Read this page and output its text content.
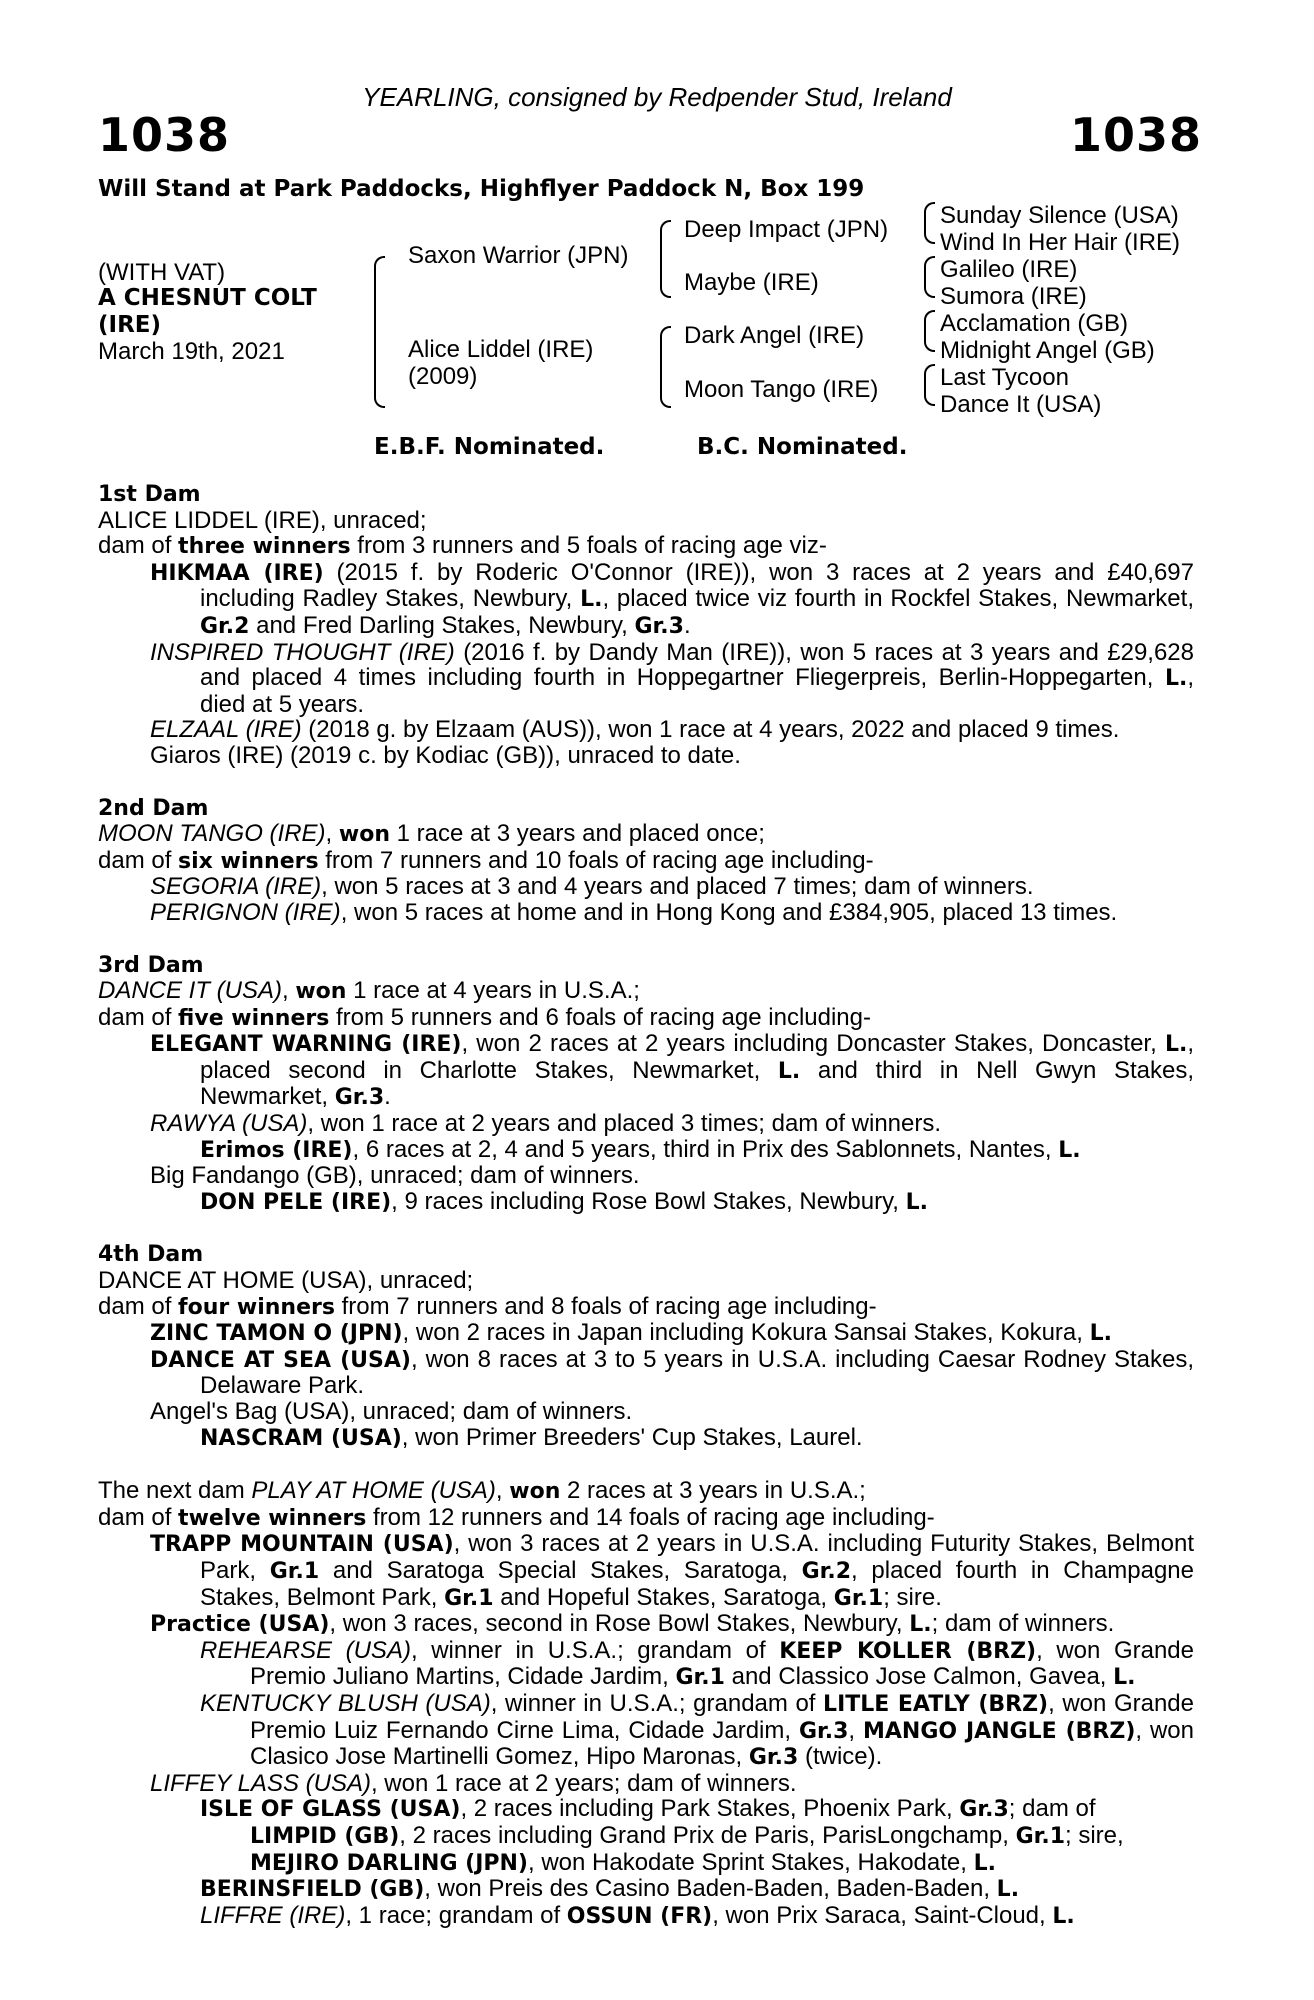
YEARLING, consigned by Redpender Stud, Ireland
1038	1038
Will Stand at Park Paddocks, Highflyer Paddock N, Box 199
(WITH VAT)
A CHESNUT COLT
(IRE)
March 19th, 2021
Saxon Warrior (JPN)
Alice Liddel (IRE)
(2009)
Deep Impact (JPN)
Maybe (IRE)
Dark Angel (IRE)
Moon Tango (IRE)
Sunday Silence (USA)
Wind In Her Hair (IRE)
Galileo (IRE)
Sumora (IRE)
Acclamation (GB)
Midnight Angel (GB)
Last Tycoon
Dance It (USA)
E.B.F. Nominated.	B.C. Nominated.
1st Dam
ALICE LIDDEL (IRE), unraced;
dam of three winners from 3 runners and 5 foals of racing age viz-
HIKMAA (IRE) (2015 f. by Roderic O'Connor (IRE)), won 3 races at 2 years and £40,697 including Radley Stakes, Newbury, L., placed twice viz fourth in Rockfel Stakes, Newmarket, Gr.2 and Fred Darling Stakes, Newbury, Gr.3.
INSPIRED THOUGHT (IRE) (2016 f. by Dandy Man (IRE)), won 5 races at 3 years and £29,628 and placed 4 times including fourth in Hoppegartner Fliegerpreis, Berlin-Hoppegarten, L., died at 5 years.
ELZAAL (IRE) (2018 g. by Elzaam (AUS)), won 1 race at 4 years, 2022 and placed 9 times.
Giaros (IRE) (2019 c. by Kodiac (GB)), unraced to date.
2nd Dam
MOON TANGO (IRE), won 1 race at 3 years and placed once;
dam of six winners from 7 runners and 10 foals of racing age including-
SEGORIA (IRE), won 5 races at 3 and 4 years and placed 7 times; dam of winners.
PERIGNON (IRE), won 5 races at home and in Hong Kong and £384,905, placed 13 times.
3rd Dam
DANCE IT (USA), won 1 race at 4 years in U.S.A.;
dam of five winners from 5 runners and 6 foals of racing age including-
ELEGANT WARNING (IRE), won 2 races at 2 years including Doncaster Stakes, Doncaster, L., placed second in Charlotte Stakes, Newmarket, L. and third in Nell Gwyn Stakes, Newmarket, Gr.3.
RAWYA (USA), won 1 race at 2 years and placed 3 times; dam of winners.
Erimos (IRE), 6 races at 2, 4 and 5 years, third in Prix des Sablonnets, Nantes, L.
Big Fandango (GB), unraced; dam of winners.
DON PELE (IRE), 9 races including Rose Bowl Stakes, Newbury, L.
4th Dam
DANCE AT HOME (USA), unraced;
dam of four winners from 7 runners and 8 foals of racing age including-
ZINC TAMON O (JPN), won 2 races in Japan including Kokura Sansai Stakes, Kokura, L.
DANCE AT SEA (USA), won 8 races at 3 to 5 years in U.S.A. including Caesar Rodney Stakes, Delaware Park.
Angel's Bag (USA), unraced; dam of winners.
NASCRAM (USA), won Primer Breeders' Cup Stakes, Laurel.
The next dam PLAY AT HOME (USA), won 2 races at 3 years in U.S.A.;
dam of twelve winners from 12 runners and 14 foals of racing age including-
TRAPP MOUNTAIN (USA), won 3 races at 2 years in U.S.A. including Futurity Stakes, Belmont Park, Gr.1 and Saratoga Special Stakes, Saratoga, Gr.2, placed fourth in Champagne Stakes, Belmont Park, Gr.1 and Hopeful Stakes, Saratoga, Gr.1; sire.
Practice (USA), won 3 races, second in Rose Bowl Stakes, Newbury, L.; dam of winners.
REHEARSE (USA), winner in U.S.A.; grandam of KEEP KOLLER (BRZ), won Grande Premio Juliano Martins, Cidade Jardim, Gr.1 and Classico Jose Calmon, Gavea, L.
KENTUCKY BLUSH (USA), winner in U.S.A.; grandam of LITLE EATLY (BRZ), won Grande Premio Luiz Fernando Cirne Lima, Cidade Jardim, Gr.3, MANGO JANGLE (BRZ), won Clasico Jose Martinelli Gomez, Hipo Maronas, Gr.3 (twice).
LIFFEY LASS (USA), won 1 race at 2 years; dam of winners.
ISLE OF GLASS (USA), 2 races including Park Stakes, Phoenix Park, Gr.3; dam of
LIMPID (GB), 2 races including Grand Prix de Paris, ParisLongchamp, Gr.1; sire,
MEJIRO DARLING (JPN), won Hakodate Sprint Stakes, Hakodate, L.
BERINSFIELD (GB), won Preis des Casino Baden-Baden, Baden-Baden, L.
LIFFRE (IRE), 1 race; grandam of OSSUN (FR), won Prix Saraca, Saint-Cloud, L.
